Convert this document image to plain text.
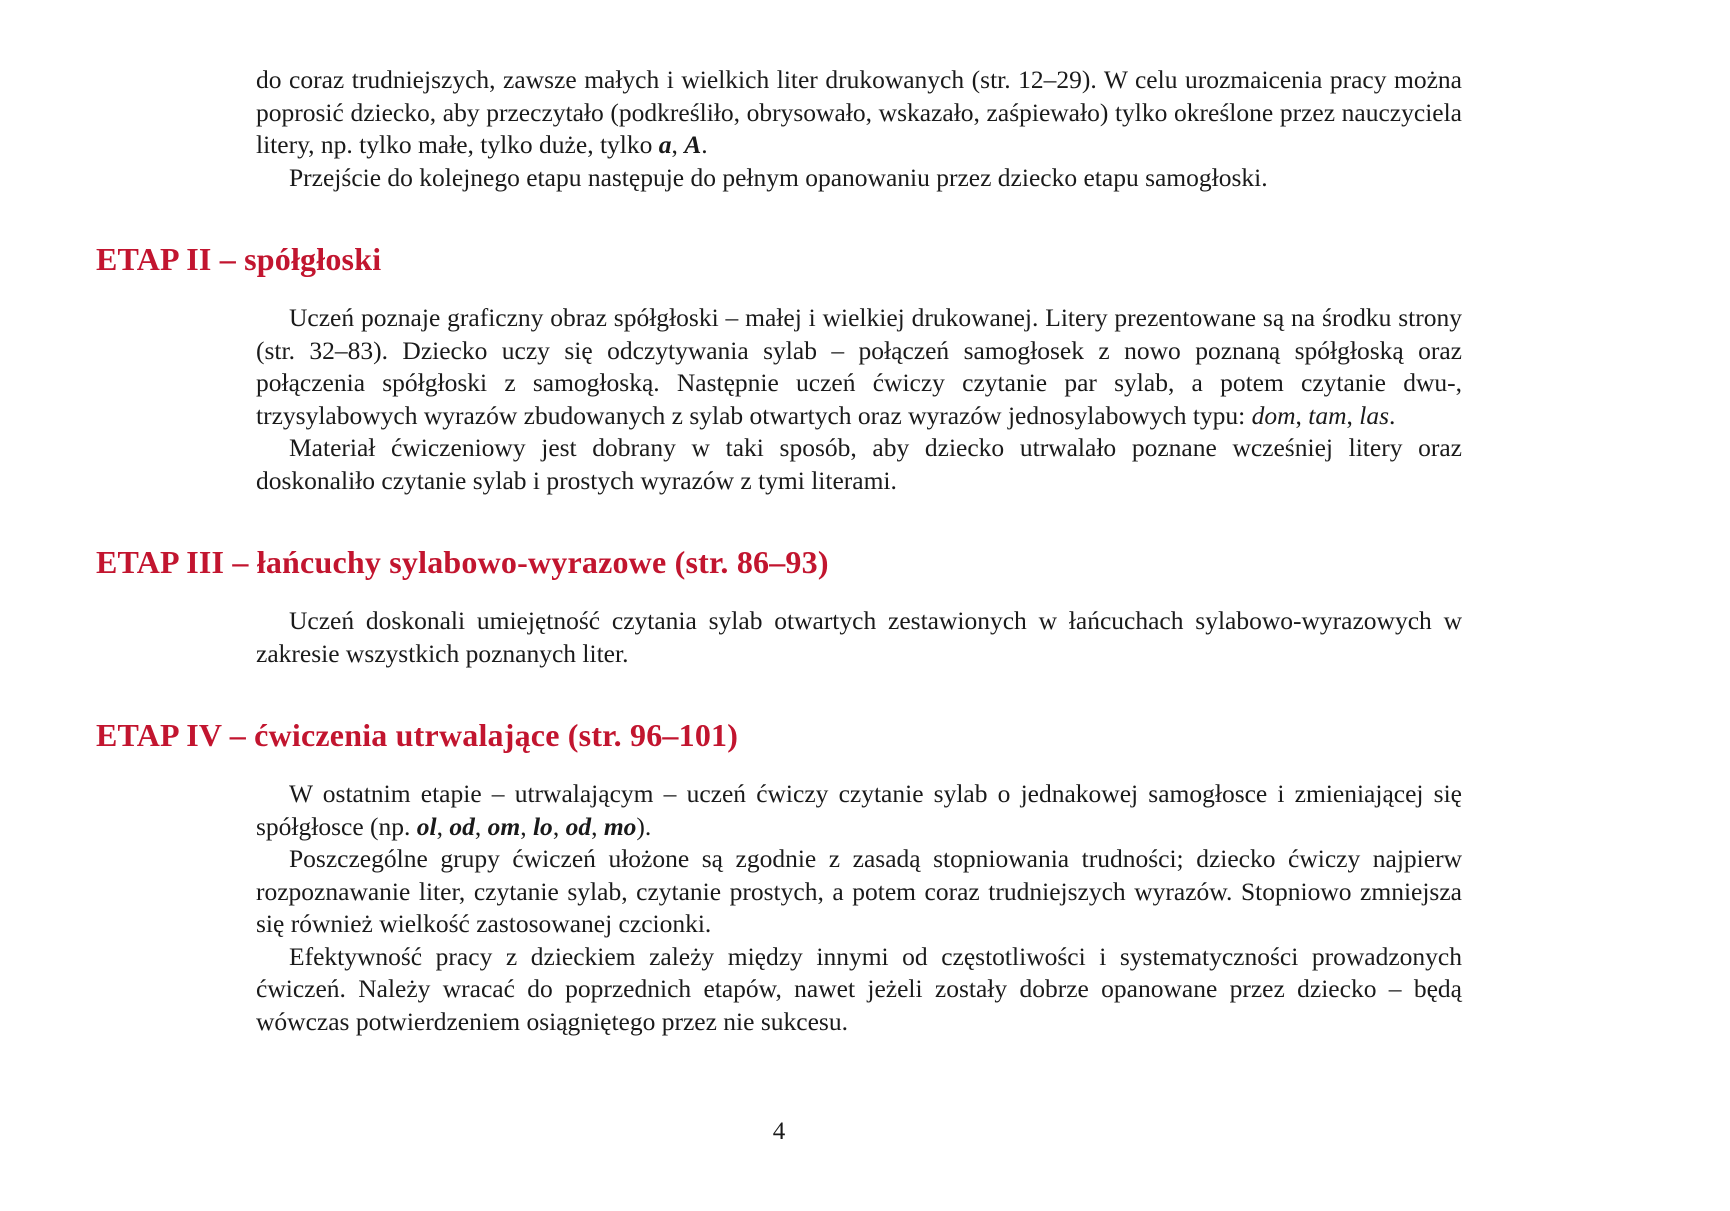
do coraz trudniejszych, zawsze małych i wielkich liter drukowanych (str. 12–29). W celu urozmaicenia pracy można poprosić dziecko, aby przeczytało (podkreśliło, obrysowało, wskazało, zaśpiewało) tylko określone przez nauczyciela litery, np. tylko małe, tylko duże, tylko a, A.

Przejście do kolejnego etapu następuje do pełnym opanowaniu przez dziecko etapu samogłoski.

ETAP II – spółgłoski

Uczeń poznaje graficzny obraz spółgłoski – małej i wielkiej drukowanej. Litery prezentowane są na środku strony (str. 32–83). Dziecko uczy się odczytywania sylab – połączeń samogłosek z nowo poznaną spółgłoską oraz połączenia spółgłoski z samogłoską. Następnie uczeń ćwiczy czytanie par sylab, a potem czytanie dwu-, trzysylabowych wyrazów zbudowanych z sylab otwartych oraz wyrazów jednosylabowych typu: dom, tam, las.

Materiał ćwiczeniowy jest dobrany w taki sposób, aby dziecko utrwalało poznane wcześniej litery oraz doskonaliło czytanie sylab i prostych wyrazów z tymi literami.

ETAP III – łańcuchy sylabowo-wyrazowe (str. 86–93)

Uczeń doskonali umiejętność czytania sylab otwartych zestawionych w łańcuchach sylabowo-wyrazowych w zakresie wszystkich poznanych liter.

ETAP IV – ćwiczenia utrwalające (str. 96–101)

W ostatnim etapie – utrwalającym – uczeń ćwiczy czytanie sylab o jednakowej samogłosce i zmieniającej się spółgłosce (np. ol, od, om, lo, od, mo).

Poszczególne grupy ćwiczeń ułożone są zgodnie z zasadą stopniowania trudności; dziecko ćwiczy najpierw rozpoznawanie liter, czytanie sylab, czytanie prostych, a potem coraz trudniejszych wyrazów. Stopniowo zmniejsza się również wielkość zastosowanej czcionki.

Efektywność pracy z dzieckiem zależy między innymi od częstotliwości i systematyczności prowadzonych ćwiczeń. Należy wracać do poprzednich etapów, nawet jeżeli zostały dobrze opanowane przez dziecko – będą wówczas potwierdzeniem osiągniętego przez nie sukcesu.

4
